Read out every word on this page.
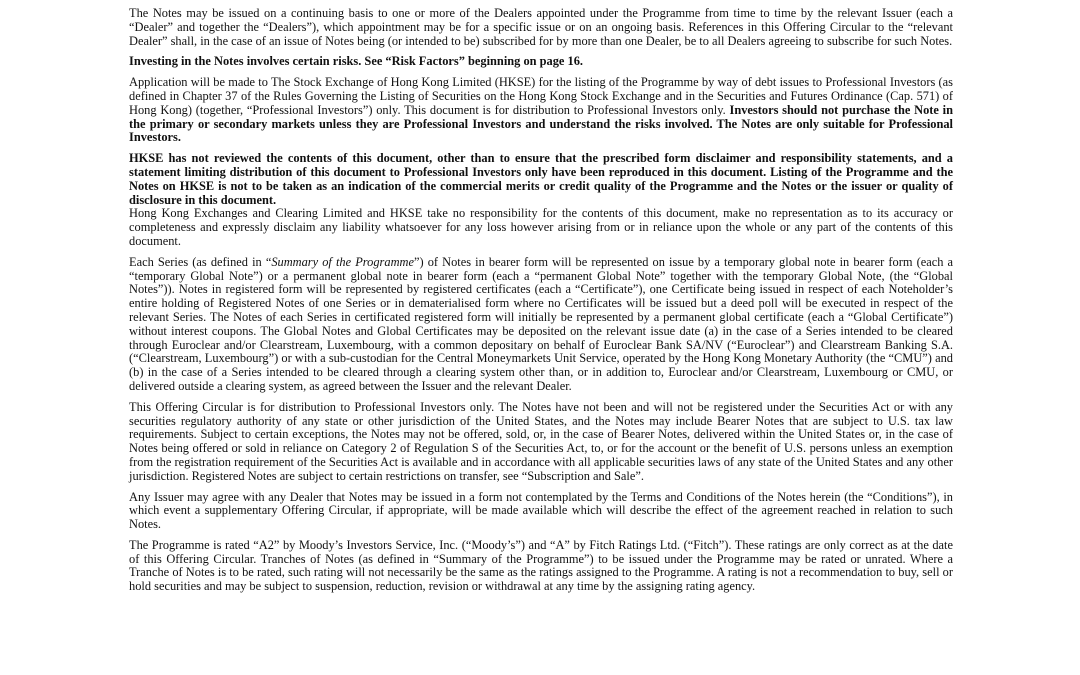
The Notes may be issued on a continuing basis to one or more of the Dealers appointed under the Programme from time to time by the relevant Issuer (each a “Dealer” and together the “Dealers”), which appointment may be for a specific issue or on an ongoing basis. References in this Offering Circular to the “relevant Dealer” shall, in the case of an issue of Notes being (or intended to be) subscribed for by more than one Dealer, be to all Dealers agreeing to subscribe for such Notes.

Investing in the Notes involves certain risks. See “Risk Factors” beginning on page 16.

Application will be made to The Stock Exchange of Hong Kong Limited (HKSE) for the listing of the Programme by way of debt issues to Professional Investors (as defined in Chapter 37 of the Rules Governing the Listing of Securities on the Hong Kong Stock Exchange and in the Securities and Futures Ordinance (Cap. 571) of Hong Kong) (together, “Professional Investors”) only. This document is for distribution to Professional Investors only. Investors should not purchase the Note in the primary or secondary markets unless they are Professional Investors and understand the risks involved. The Notes are only suitable for Professional Investors.

HKSE has not reviewed the contents of this document, other than to ensure that the prescribed form disclaimer and responsibility statements, and a statement limiting distribution of this document to Professional Investors only have been reproduced in this document. Listing of the Programme and the Notes on HKSE is not to be taken as an indication of the commercial merits or credit quality of the Programme and the Notes or the issuer or quality of disclosure in this document.

Hong Kong Exchanges and Clearing Limited and HKSE take no responsibility for the contents of this document, make no representation as to its accuracy or completeness and expressly disclaim any liability whatsoever for any loss however arising from or in reliance upon the whole or any part of the contents of this document.

Each Series (as defined in “Summary of the Programme”) of Notes in bearer form will be represented on issue by a temporary global note in bearer form (each a “temporary Global Note”) or a permanent global note in bearer form (each a “permanent Global Note” together with the temporary Global Note, (the “Global Notes”)). Notes in registered form will be represented by registered certificates (each a “Certificate”), one Certificate being issued in respect of each Noteholder’s entire holding of Registered Notes of one Series or in dematerialised form where no Certificates will be issued but a deed poll will be executed in respect of the relevant Series. The Notes of each Series in certificated registered form will initially be represented by a permanent global certificate (each a “Global Certificate”) without interest coupons. The Global Notes and Global Certificates may be deposited on the relevant issue date (a) in the case of a Series intended to be cleared through Euroclear and/or Clearstream, Luxembourg, with a common depositary on behalf of Euroclear Bank SA/NV (“Euroclear”) and Clearstream Banking S.A. (“Clearstream, Luxembourg”) or with a sub-custodian for the Central Moneymarkets Unit Service, operated by the Hong Kong Monetary Authority (the “CMU”) and (b) in the case of a Series intended to be cleared through a clearing system other than, or in addition to, Euroclear and/or Clearstream, Luxembourg or CMU, or delivered outside a clearing system, as agreed between the Issuer and the relevant Dealer.

This Offering Circular is for distribution to Professional Investors only. The Notes have not been and will not be registered under the Securities Act or with any securities regulatory authority of any state or other jurisdiction of the United States, and the Notes may include Bearer Notes that are subject to U.S. tax law requirements. Subject to certain exceptions, the Notes may not be offered, sold, or, in the case of Bearer Notes, delivered within the United States or, in the case of Notes being offered or sold in reliance on Category 2 of Regulation S of the Securities Act, to, or for the account or the benefit of U.S. persons unless an exemption from the registration requirement of the Securities Act is available and in accordance with all applicable securities laws of any state of the United States and any other jurisdiction. Registered Notes are subject to certain restrictions on transfer, see “Subscription and Sale”.

Any Issuer may agree with any Dealer that Notes may be issued in a form not contemplated by the Terms and Conditions of the Notes herein (the “Conditions”), in which event a supplementary Offering Circular, if appropriate, will be made available which will describe the effect of the agreement reached in relation to such Notes.

The Programme is rated “A2” by Moody’s Investors Service, Inc. (“Moody’s”) and “A” by Fitch Ratings Ltd. (“Fitch”). These ratings are only correct as at the date of this Offering Circular. Tranches of Notes (as defined in “Summary of the Programme”) to be issued under the Programme may be rated or unrated. Where a Tranche of Notes is to be rated, such rating will not necessarily be the same as the ratings assigned to the Programme. A rating is not a recommendation to buy, sell or hold securities and may be subject to suspension, reduction, revision or withdrawal at any time by the assigning rating agency.
